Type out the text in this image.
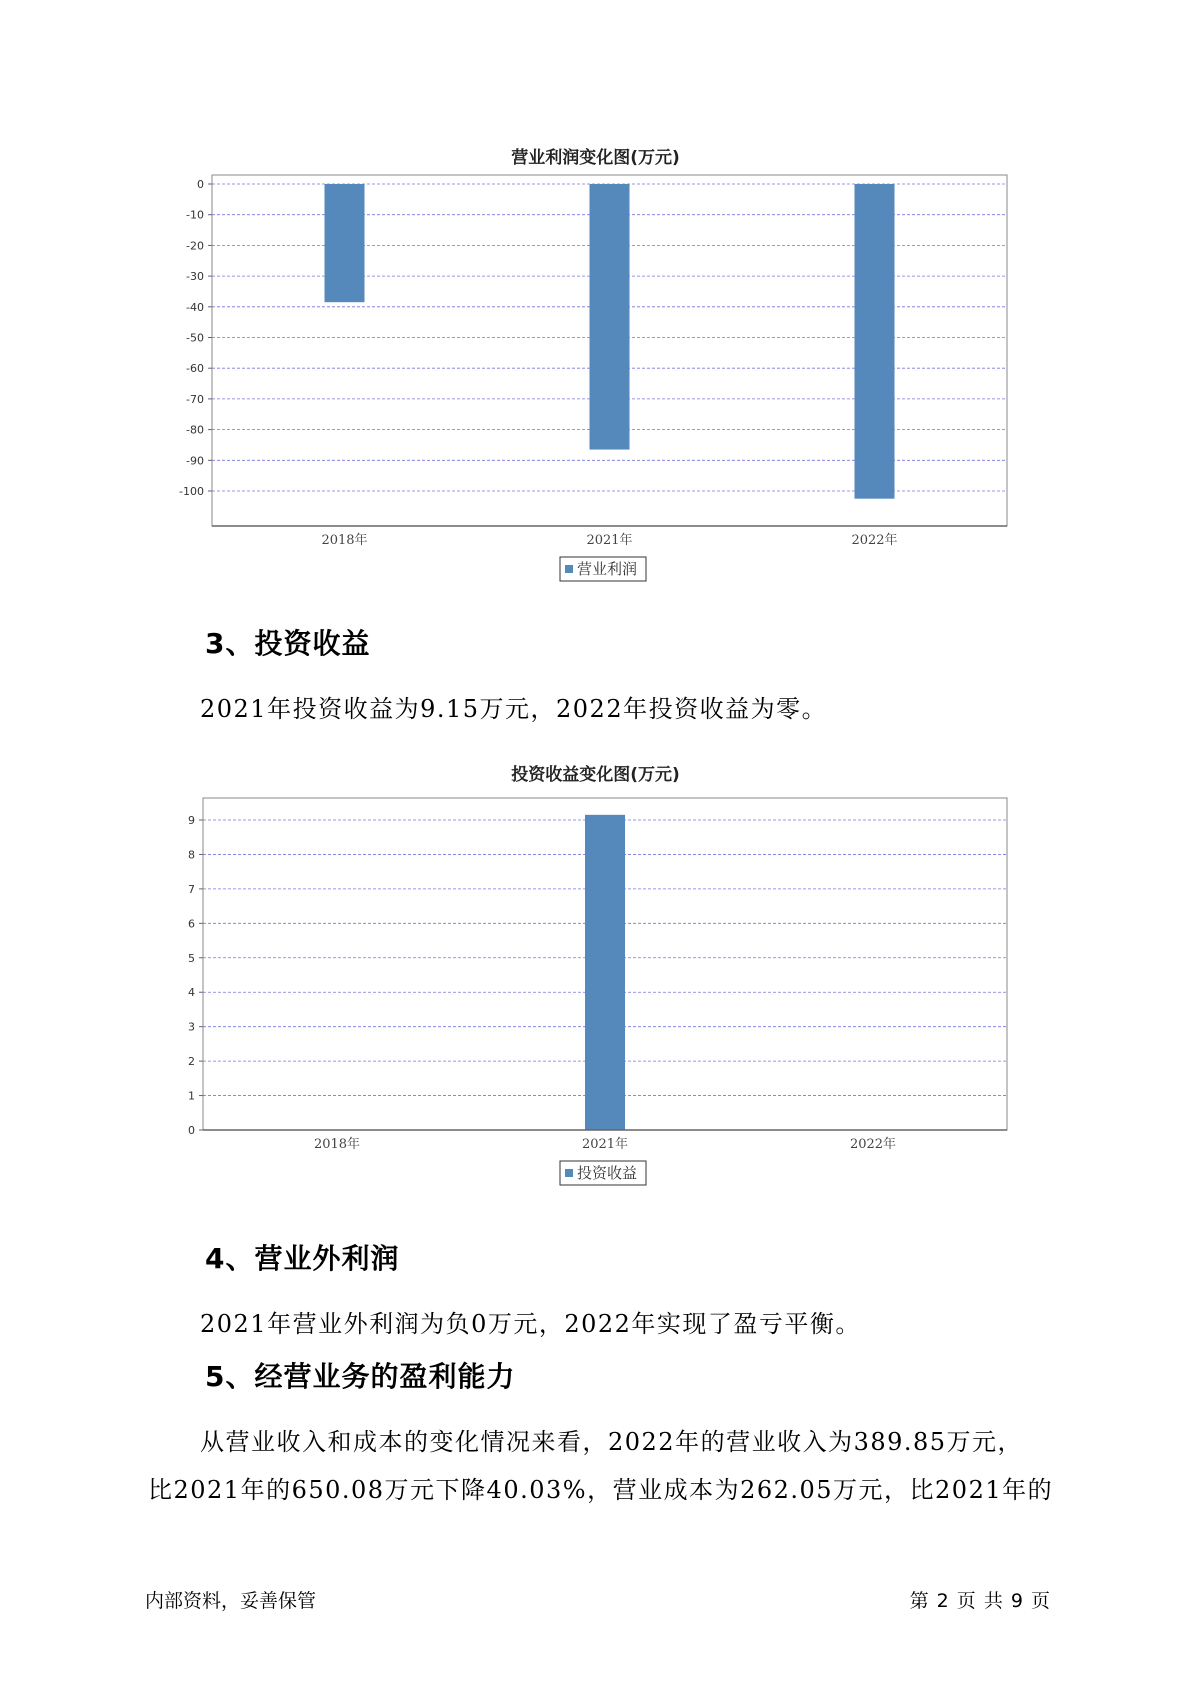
营业利润变化图(万元)
0
-10
-20
-30
-40
-50
-60
-70
-80
-90
-100
2018年	2021年	2022年
营业利润
3、投资收益
2021年投资收益为9.15万元，2022年投资收益为零。
投资收益变化图(万元)
0
1
2
3
4
5
6
7
8
9
2018年	2021年	2022年
投资收益
4、营业外利润
2021年营业外利润为负0万元，2022年实现了盈亏平衡。
5、经营业务的盈利能力
从营业收入和成本的变化情况来看，2022年的营业收入为389.85万元，
比2021年的650.08万元下降40.03%，营业成本为262.05万元，比2021年的
内部资料，妥善保管	第 2 页 共 9 页
